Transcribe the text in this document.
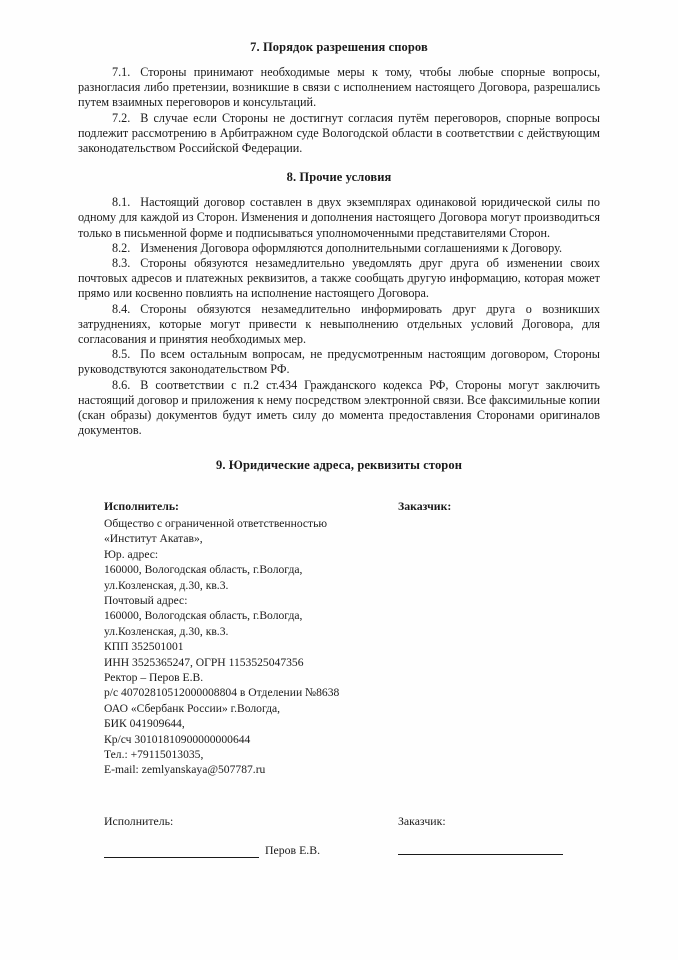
7. Порядок разрешения споров

7.1. Стороны принимают необходимые меры к тому, чтобы любые спорные вопросы, разногласия либо претензии, возникшие в связи с исполнением настоящего Договора, разрешались путем взаимных переговоров и консультаций.

7.2. В случае если Стороны не достигнут согласия путём переговоров, спорные вопросы подлежит рассмотрению в Арбитражном суде Вологодской области в соответствии с действующим законодательством Российской Федерации.

8. Прочие условия

8.1. Настоящий договор составлен в двух экземплярах одинаковой юридической силы по одному для каждой из Сторон. Изменения и дополнения настоящего Договора могут производиться только в письменной форме и подписываться уполномоченными представителями Сторон.

8.2. Изменения Договора оформляются дополнительными соглашениями к Договору.

8.3. Стороны обязуются незамедлительно уведомлять друг друга об изменении своих почтовых адресов и платежных реквизитов, а также сообщать другую информацию, которая может прямо или косвенно повлиять на исполнение настоящего Договора.

8.4. Стороны обязуются незамедлительно информировать друг друга о возникших затруднениях, которые могут привести к невыполнению отдельных условий Договора, для согласования и принятия необходимых мер.

8.5. По всем остальным вопросам, не предусмотренным настоящим договором, Стороны руководствуются законодательством РФ.

8.6. В соответствии с п.2 ст.434 Гражданского кодекса РФ, Стороны могут заключить настоящий договор и приложения к нему посредством электронной связи. Все факсимильные копии (скан образы) документов будут иметь силу до момента предоставления Сторонами оригиналов документов.

9. Юридические адреса, реквизиты сторон
Исполнитель:
Общество с ограниченной ответственностью
«Институт Акатав»,
Юр. адрес:
160000, Вологодская область, г.Вологда,
ул.Козленская, д.30, кв.3.
Почтовый адрес:
160000, Вологодская область, г.Вологда,
ул.Козленская, д.30, кв.3.
КПП 352501001
ИНН 3525365247, ОГРН 1153525047356
Ректор – Перов Е.В.
р/с 40702810512000008804 в Отделении №8638
ОАО «Сбербанк России» г.Вологда,
БИК 041909644,
Кр/сч 30101810900000000644
Тел.: +79115013035,
E-mail: zemlyanskaya@507787.ru
Заказчик:
Исполнитель:
Перов Е.В.
Заказчик:
